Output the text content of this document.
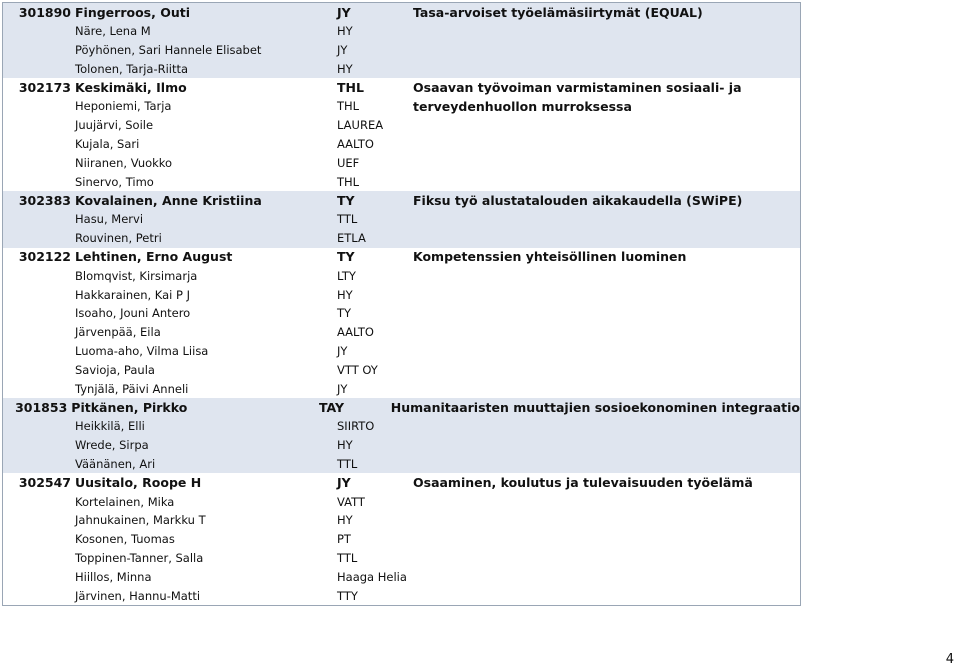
301890 Fingerroos, Outi	JY	Tasa-arvoiset työelämäsiirtymät (EQUAL)
Näre, Lena M	HY
Pöyhönen, Sari Hannele Elisabet	JY
Tolonen, Tarja-Riitta	HY
302173 Keskimäki, Ilmo	THL	Osaavan työvoiman varmistaminen sosiaali- ja
Heponiemi, Tarja	THL	terveydenhuollon murroksessa
Juujärvi, Soile	LAUREA
Kujala, Sari	AALTO
Niiranen, Vuokko	UEF
Sinervo, Timo	THL
302383 Kovalainen, Anne Kristiina	TY	Fiksu työ alustatalouden aikakaudella (SWiPE)
Hasu, Mervi	TTL
Rouvinen, Petri	ETLA
302122 Lehtinen, Erno August	TY	Kompetenssien yhteisöllinen luominen
Blomqvist, Kirsimarja	LTY
Hakkarainen, Kai P J	HY
Isoaho, Jouni Antero	TY
Järvenpää, Eila	AALTO
Luoma-aho, Vilma Liisa	JY
Savioja, Paula	VTT OY
Tynjälä, Päivi Anneli	JY
301853 Pitkänen, Pirkko	TAY	Humanitaaristen muuttajien sosioekonominen integraatio
Heikkilä, Elli	SIIRTO
Wrede, Sirpa	HY
Väänänen, Ari	TTL
302547 Uusitalo, Roope H	JY	Osaaminen, koulutus ja tulevaisuuden työelämä
Kortelainen, Mika	VATT
Jahnukainen, Markku T	HY
Kosonen, Tuomas	PT
Toppinen-Tanner, Salla	TTL
Hiillos, Minna	Haaga Helia
Järvinen, Hannu-Matti	TTY
4
